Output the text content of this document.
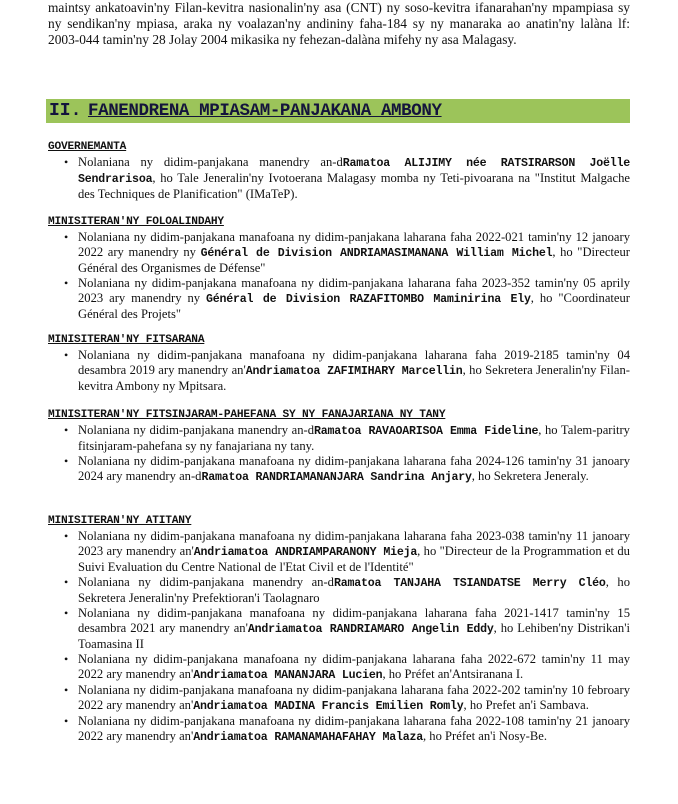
maintsy ankatoavin'ny Filan-kevitra nasionalin'ny asa (CNT) ny soso-kevitra ifanarahan'ny mpampiasa sy ny sendikan'ny mpiasa, araka ny voalazan'ny andininy faha-184 sy ny manaraka ao anatin'ny lalàna lf: 2003-044 tamin'ny 28 Jolay 2004 mikasika ny fehezan-dalàna mifehy ny asa Malagasy.
II. FANENDRENA MPIASAM-PANJAKANA AMBONY
GOVERNEMANTA
• Nolaniana ny didim-panjakana manendry an-dRamatoa ALIJIMY née RATSIRARSON Joëlle Sendrarisoa, ho Tale Jeneralin'ny Ivotoerana Malagasy momba ny Teti-pivoarana na "Institut Malgache des Techniques de Planification" (IMaTeP).
MINISITERAN'NY FOLOALINDAHY
• Nolaniana ny didim-panjakana manafoana ny didim-panjakana laharana faha 2022-021 tamin'ny 12 janoary 2022 ary manendry ny Général de Division ANDRIAMASIMANANA William Michel, ho "Directeur Général des Organismes de Défense"
• Nolaniana ny didim-panjakana manafoana ny didim-panjakana laharana faha 2023-352 tamin'ny 05 aprily 2023 ary manendry ny Général de Division RAZAFITOMBO Maminirina Ely, ho "Coordinateur Général des Projets"
MINISITERAN'NY FITSARANA
• Nolaniana ny didim-panjakana manafoana ny didim-panjakana laharana faha 2019-2185 tamin'ny 04 desambra 2019 ary manendry an'Andriamatoa ZAFIMIHARY Marcellin, ho Sekretera Jeneralin'ny Filan-kevitra Ambony ny Mpitsara.
MINISITERAN'NY FITSINJARAM-PAHEFANA SY NY FANAJARIANA NY TANY
• Nolaniana ny didim-panjakana manendry an-dRamatoa RAVAOARISOA Emma Fideline, ho Talem-paritry fitsinjaram-pahefana sy ny fanajariana ny tany.
• Nolaniana ny didim-panjakana manafoana ny didim-panjakana laharana faha 2024-126 tamin'ny 31 janoary 2024 ary manendry an-dRamatoa RANDRIAMANANJARA Sandrina Anjary, ho Sekretera Jeneraly.
MINISITERAN'NY ATITANY
• Nolaniana ny didim-panjakana manafoana ny didim-panjakana laharana faha 2023-038 tamin'ny 11 janoary 2023 ary manendry an'Andriamatoa ANDRIAMPARANONY Mieja, ho "Directeur de la Programmation et du Suivi Evaluation du Centre National de l'Etat Civil et de l'Identité"
• Nolaniana ny didim-panjakana manendry an-dRamatoa TANJAHA TSIANDATSE Merry Cléo, ho Sekretera Jeneralin'ny Prefektioran'i Taolagnaro
• Nolaniana ny didim-panjakana manafoana ny didim-panjakana laharana faha 2021-1417 tamin'ny 15 desambra 2021 ary manendry an'Andriamatoa RANDRIAMARO Angelin Eddy, ho Lehiben'ny Distrikan'i Toamasina II
• Nolaniana ny didim-panjakana manafoana ny didim-panjakana laharana faha 2022-672 tamin'ny 11 may 2022 ary manendry an'Andriamatoa MANANJARA Lucien, ho Préfet an'Antsiranana I.
• Nolaniana ny didim-panjakana manafoana ny didim-panjakana laharana faha 2022-202 tamin'ny 10 febroary 2022 ary manendry an'Andriamatoa MADINA Francis Emilien Romly, ho Prefet an'i Sambava.
• Nolaniana ny didim-panjakana manafoana ny didim-panjakana laharana faha 2022-108 tamin'ny 21 janoary 2022 ary manendry an'Andriamatoa RAMANAMAHAFAHAY Malaza, ho Préfet an'i Nosy-Be.
